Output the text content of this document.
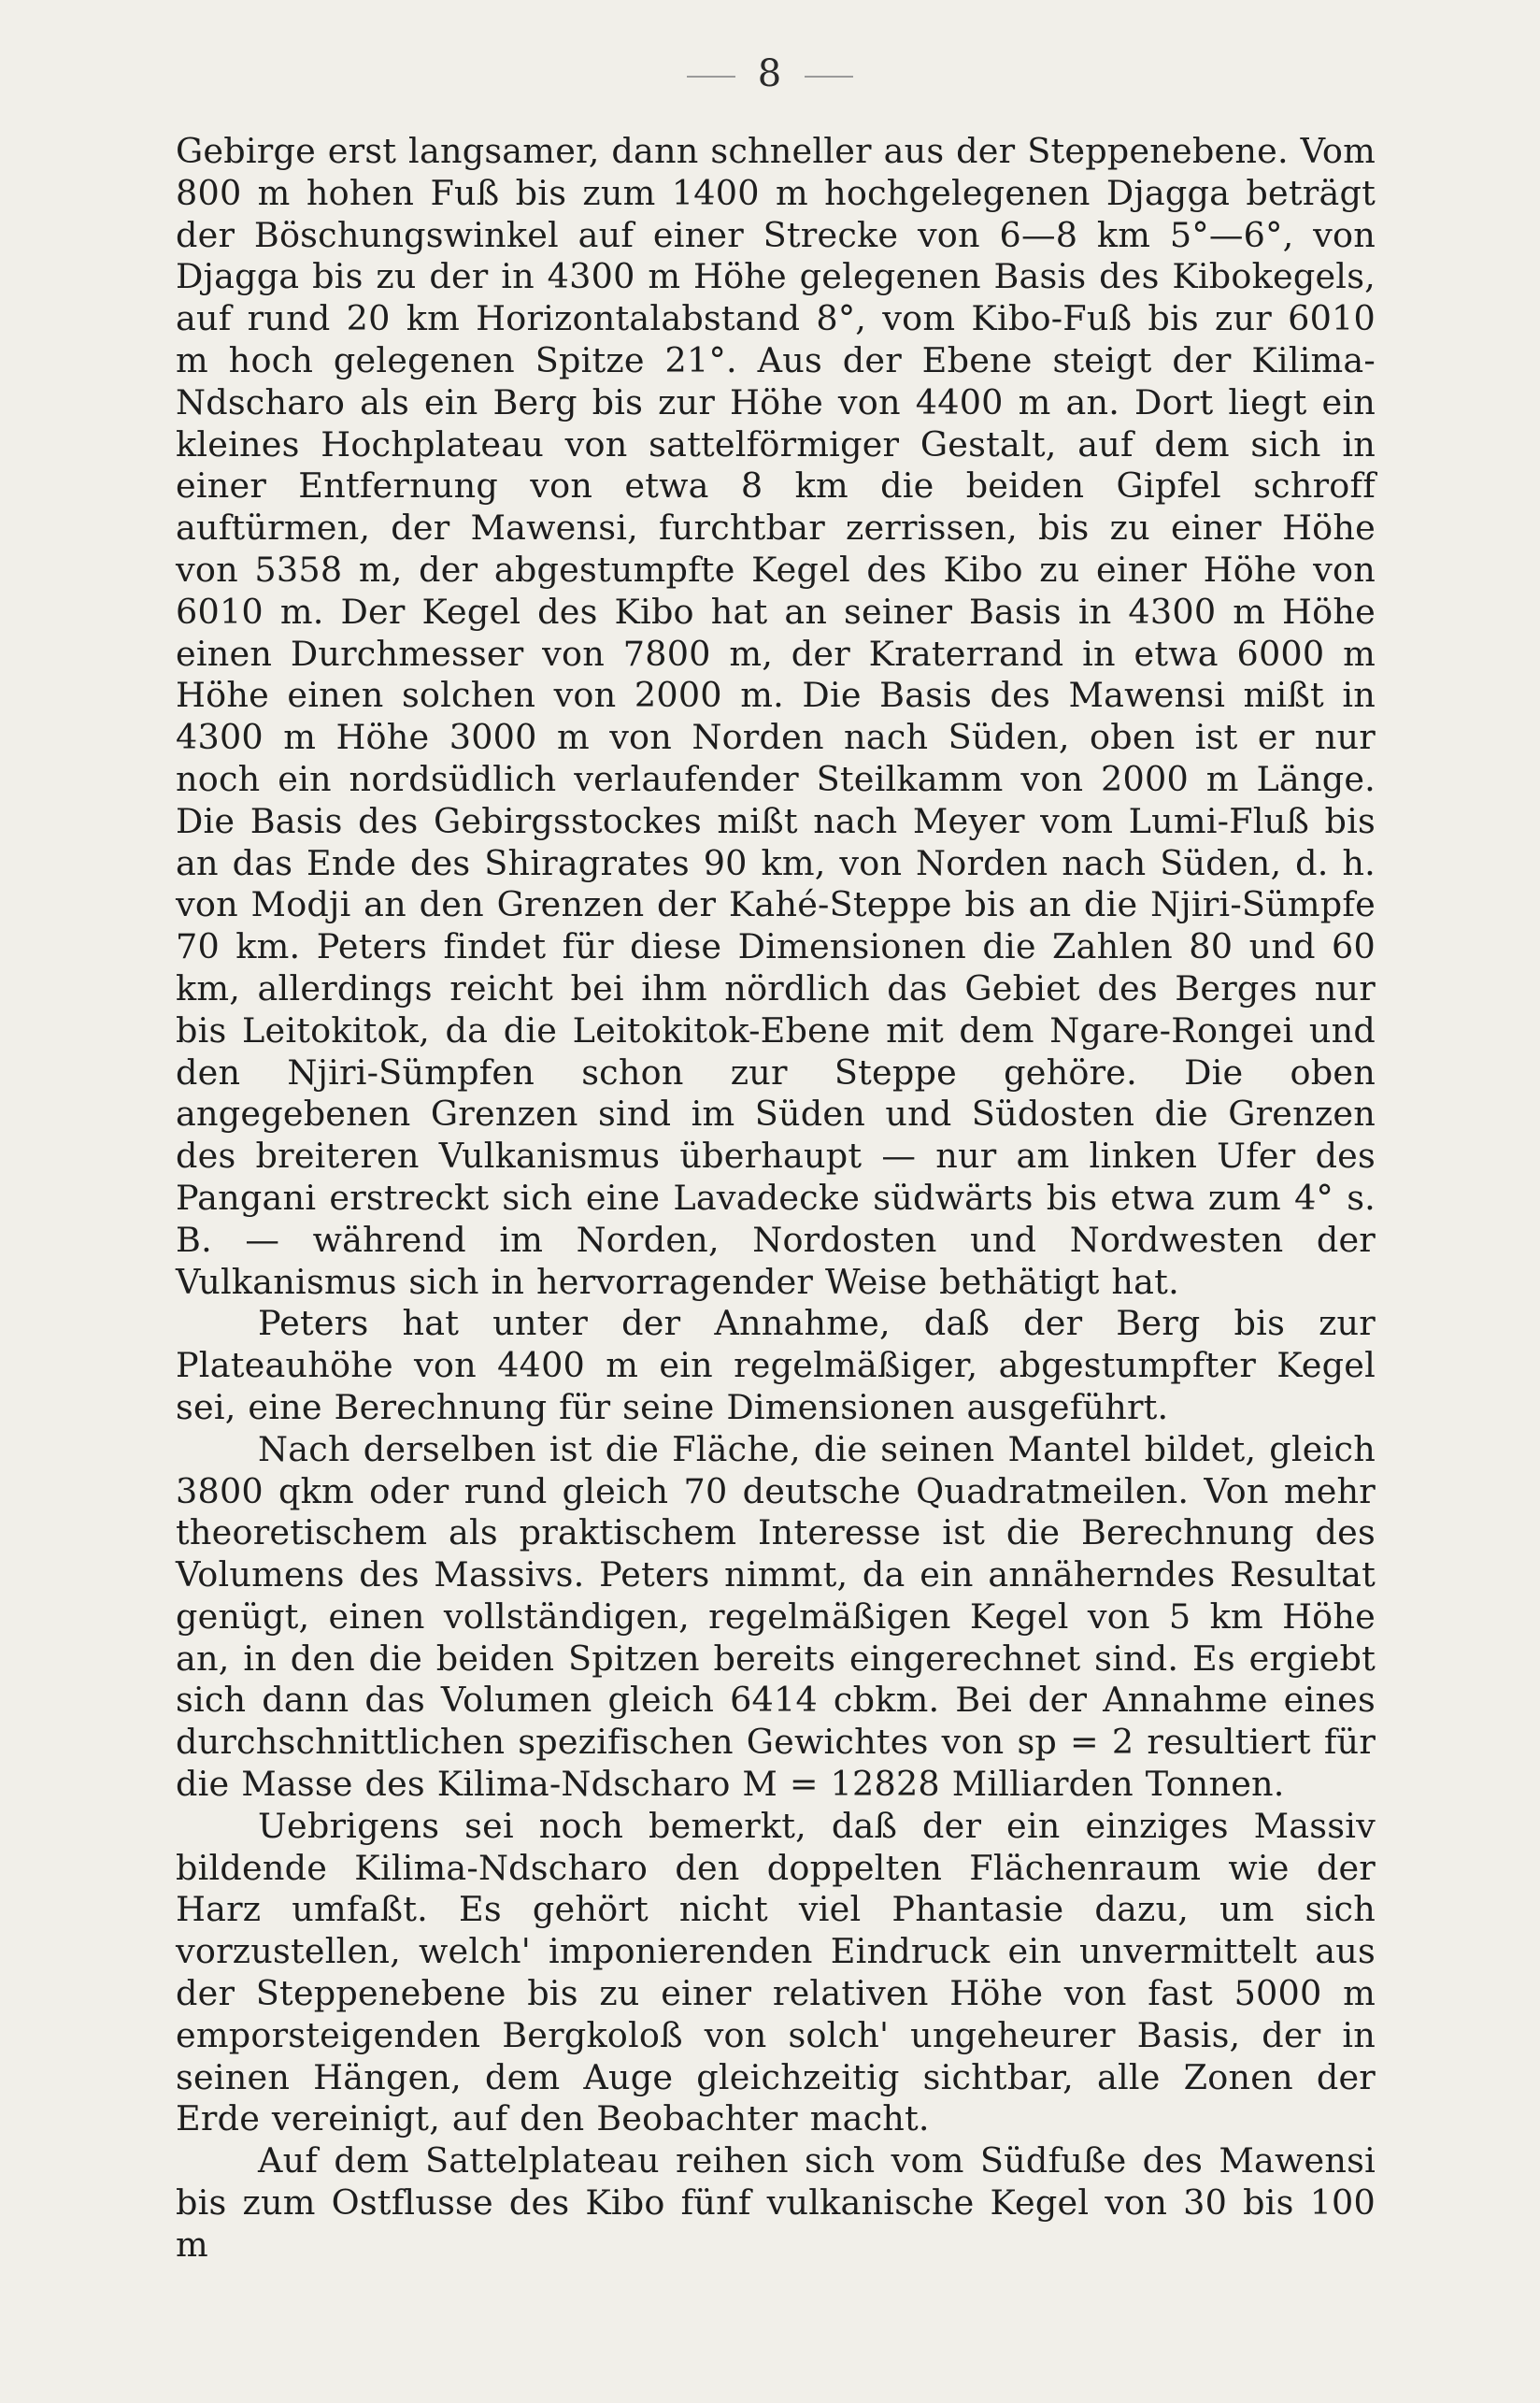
8

Gebirge erst langsamer, dann schneller aus der Steppenebene. Vom 800 m hohen Fuß bis zum 1400 m hochgelegenen Djagga beträgt der Böschungswinkel auf einer Strecke von 6—8 km 5°—6°, von Djagga bis zu der in 4300 m Höhe gelegenen Basis des Kibokegels, auf rund 20 km Horizontalabstand 8°, vom Kibo-Fuß bis zur 6010 m hoch gelegenen Spitze 21°. Aus der Ebene steigt der Kilima-Ndscharo als ein Berg bis zur Höhe von 4400 m an. Dort liegt ein kleines Hochplateau von sattelförmiger Gestalt, auf dem sich in einer Entfernung von etwa 8 km die beiden Gipfel schroff auftürmen, der Mawensi, furchtbar zerrissen, bis zu einer Höhe von 5358 m, der abgestumpfte Kegel des Kibo zu einer Höhe von 6010 m. Der Kegel des Kibo hat an seiner Basis in 4300 m Höhe einen Durchmesser von 7800 m, der Kraterrand in etwa 6000 m Höhe einen solchen von 2000 m. Die Basis des Mawensi mißt in 4300 m Höhe 3000 m von Norden nach Süden, oben ist er nur noch ein nordsüdlich verlaufender Steilkamm von 2000 m Länge. Die Basis des Gebirgsstockes mißt nach Meyer vom Lumi-Fluß bis an das Ende des Shiragrates 90 km, von Norden nach Süden, d. h. von Modji an den Grenzen der Kahé-Steppe bis an die Njiri-Sümpfe 70 km. Peters findet für diese Dimensionen die Zahlen 80 und 60 km, allerdings reicht bei ihm nördlich das Gebiet des Berges nur bis Leitokitok, da die Leitokitok-Ebene mit dem Ngare-Rongei und den Njiri-Sümpfen schon zur Steppe gehöre. Die oben angegebenen Grenzen sind im Süden und Südosten die Grenzen des breiteren Vulkanismus überhaupt — nur am linken Ufer des Pangani erstreckt sich eine Lavadecke südwärts bis etwa zum 4° s. B. — während im Norden, Nordosten und Nordwesten der Vulkanismus sich in hervorragender Weise bethätigt hat.

Peters hat unter der Annahme, daß der Berg bis zur Plateauhöhe von 4400 m ein regelmäßiger, abgestumpfter Kegel sei, eine Berechnung für seine Dimensionen ausgeführt.

Nach derselben ist die Fläche, die seinen Mantel bildet, gleich 3800 qkm oder rund gleich 70 deutsche Quadratmeilen. Von mehr theoretischem als praktischem Interesse ist die Berechnung des Volumens des Massivs. Peters nimmt, da ein annäherndes Resultat genügt, einen vollständigen, regelmäßigen Kegel von 5 km Höhe an, in den die beiden Spitzen bereits eingerechnet sind. Es ergiebt sich dann das Volumen gleich 6414 cbkm. Bei der Annahme eines durchschnittlichen spezifischen Gewichtes von sp = 2 resultiert für die Masse des Kilima-Ndscharo M = 12828 Milliarden Tonnen.

Uebrigens sei noch bemerkt, daß der ein einziges Massiv bildende Kilima-Ndscharo den doppelten Flächenraum wie der Harz umfaßt. Es gehört nicht viel Phantasie dazu, um sich vorzustellen, welch' imponierenden Eindruck ein unvermittelt aus der Steppenebene bis zu einer relativen Höhe von fast 5000 m emporsteigenden Bergkoloß von solch' ungeheurer Basis, der in seinen Hängen, dem Auge gleichzeitig sichtbar, alle Zonen der Erde vereinigt, auf den Beobachter macht.

Auf dem Sattelplateau reihen sich vom Südfuße des Mawensi bis zum Ostflusse des Kibo fünf vulkanische Kegel von 30 bis 100 m
